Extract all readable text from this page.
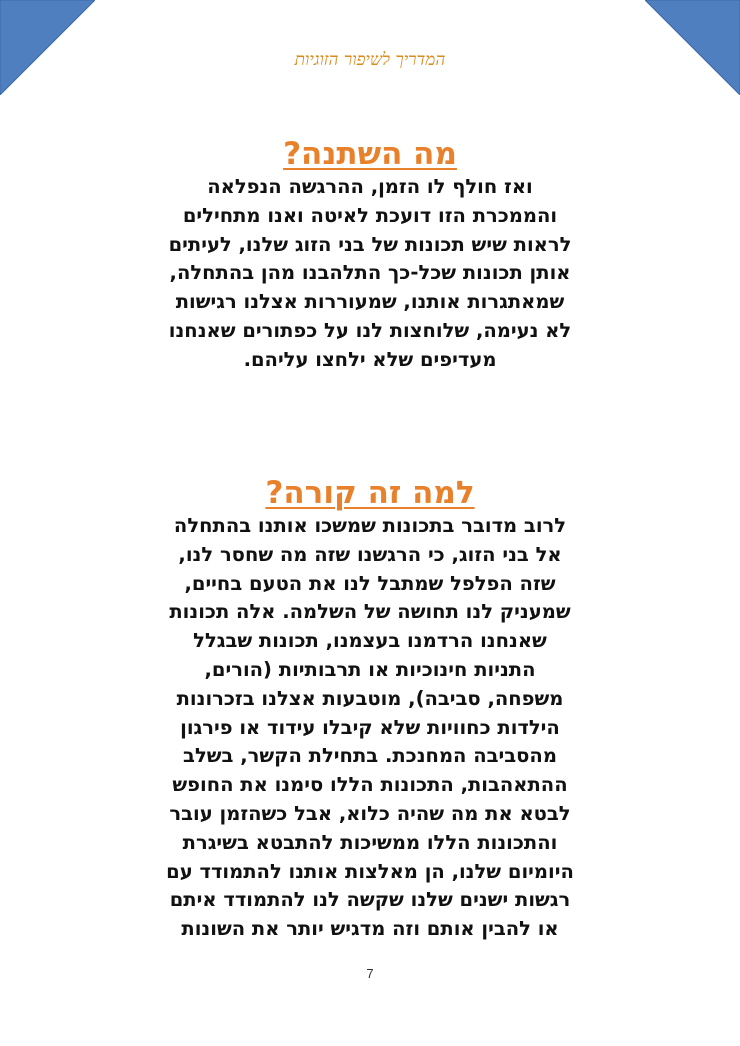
המדריך לשיפור הזוגיות
מה השתנה?

ואז חולף לו הזמן, ההרגשה הנפלאה
והממכרת הזו דועכת לאיטה ואנו מתחילים
לראות שיש תכונות של בני הזוג שלנו, לעיתים
אותן תכונות שכל-כך התלהבנו מהן בהתחלה,
שמאתגרות אותנו, שמעוררות אצלנו רגישות
לא נעימה, שלוחצות לנו על כפתורים שאנחנו
מעדיפים שלא ילחצו עליהם.

למה זה קורה?

לרוב מדובר בתכונות שמשכו אותנו בהתחלה
אל בני הזוג, כי הרגשנו שזה מה שחסר לנו,
שזה הפלפל שמתבל לנו את הטעם בחיים,
שמעניק לנו תחושה של השלמה. אלה תכונות
שאנחנו הרדמנו בעצמנו, תכונות שבגלל
התניות חינוכיות או תרבותיות (הורים,
משפחה, סביבה), מוטבעות אצלנו בזכרונות
הילדות כחוויות שלא קיבלו עידוד או פירגון
מהסביבה המחנכת. בתחילת הקשר, בשלב
ההתאהבות, התכונות הללו סימנו את החופש
לבטא את מה שהיה כלוא, אבל כשהזמן עובר
והתכונות הללו ממשיכות להתבטא בשיגרת
היומיום שלנו, הן מאלצות אותנו להתמודד עם
רגשות ישנים שלנו שקשה לנו להתמודד איתם
או להבין אותם וזה מדגיש יותר את השונות

7
